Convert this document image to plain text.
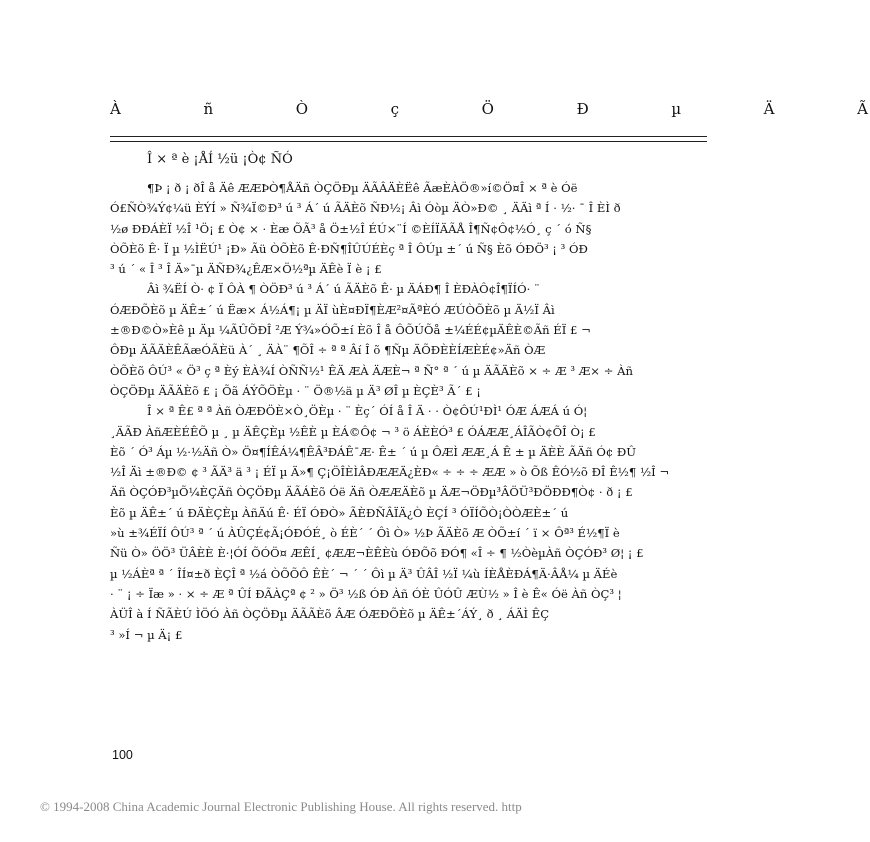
À	ñ	Ò	ç	Ö	Ð	µ	Ä	Ã
Î × ª è ¡ÅÍ ½ü ¡Ò¢ ÑÓ
¶Þ ¡ ð ¡ ðÎ å Äê ÆÆÞÒ¶ÅÄñ ÒÇÖÐµ ÄÃÂÄÈËê ÃæÈÀÖ®»í©Ö¤Î × ª è Óë
Ó£ÑÒ¾Ý¢¼ü ÈÝÍ » Ñ¾Ï©Ð³ ú ³ Á´ ú ÃÄÈõ ÑÐ½¡ Âì Óòµ ÄÒ»Ð© ¸ ÄÄì ª Í · ½· ¯ Î ÈÌ ð
½ø ÐÐÁÈÏ ½Î ¹Ö¡ £ Ò¢ × · Èæ ÕÃ³ å Ö±½Î ÉÚ×¨Í ©ÈÍÏÄÃÅ Î¶Ñ¢Ô¢½Ó¸ ç ´ ó Ñ§
ÒÕÈõ Ê· Ï µ ½ÌËÚ¹ ¡Ð» Ãü ÒÕÈõ Ê·ÐÑ¶ÎÛÚÉÈç ª Î ÔÚµ ±´ ú Ñ§ Èõ ÓÐÖ³ ¡ ³ ÓÐ
³ ú ´ « Î ³ Î Ä»¯µ ÄÑÐ¾¿ÊÆ×Ö½ªµ ÄÊè Ï è ¡ £
Âì ¾ËÍ Ò· ¢ Ï ÔÀ ¶ ÒÖÐ³ ú ³ Á´ ú ÃÄÈõ Ê· µ ÄÁÐ¶ Î ÈÐÀÔ¢Î¶ÏÍÓ· ¨
ÓÆÐÕÈõ µ ÄÊ±´ ú Ëæ× Á½Á¶¡ µ ÄÏ ùÈ¤ÐÏ¶ÈÆ²¤ÃªÈÓ ÆÚÒÕÈõ µ Ä½Ï Âì
±®Ð©Ò»Èê µ Äµ ¼ÃÛÕÐÎ ²Æ Ý¾»ÓÕ±í Èõ Î å ÔÕÚÕå ±¼ÉÉ¢µÄÊÈ©Ãñ ÉÏ £ ¬
ÔÐµ ÄÃÄÈÊÃæÓÃÈü À´ ¸ ÄÀ¨ ¶ÕÎ ÷ ª ª Âí Î õ ¶Ñµ ÄÕÐÈÈÍÆÈÉ¢»Äñ ÒÆ
ÒÕÈõ ÔÚ³ « Ö³ ç ª Èý ÈÀ¾Í ÒÑÑ½¹ ÊÄ ÆÀ ÄÆÈ¬ ª Ñ° ª ´ ú µ ÄÃÄÈõ × ÷ Æ ³ Æ× ÷ Àñ
ÒÇÖÐµ ÄÃÄÈõ £ ¡ Õã ÁÝÕÖÈµ · ¨ Ö®½ä µ Ä³ ØÎ µ ÈÇÈ³ Ã´ £ ¡
Î × ª Ê£ ª ª Àñ ÒÆÐÖÈ×Ò¸ÖÈµ · ¨ Èç´ ÓÍ å Î Ä · · Ò¢ÔÚ¹ÐÌ¹ ÓÆ ÁÆÁ ú Ó¦
¸ÄÃÐ ÀñÆÈÉÊÕ µ ¸ µ ÄÊÇÈµ ½ÊÈ µ ÈÁ©Ô¢ ¬ ³ ö ÁÈÈÓ³ £ ÓÁÆÆ¸ÁÎÃÒ¢ÕÎ Ò¡ £
Èõ ´ Ó³ Áµ ½·½Äñ Ò» Ö¤¶ÍÊÁ¼¶ÊÂ³ÐÁÊ¯Æ· Ê± ´ ú µ ÔÆÌ ÆÆ¸Á Ê ± µ ÄÈÈ ÃÄñ Ó¢ ÐÛ
½Î Äì ±®Ð© ¢ ³ ÃÄ³ ä ³ ¡ ÉÏ µ Ä»¶ Ç¡ÖÎÈÌÂÐÆÆÄ¿ÈÐ« ÷ ÷ ÷ ÆÆ » ò Õß ÊÓ½õ ÐÎ Ê½¶ ½Î ¬
Äñ ÒÇÓÐ³µÕ¼ÈÇÄñ ÒÇÖÐµ ÄÃÁÈõ Óë Äñ ÒÆÆÄÈõ µ ÄÆ¬ÖÐµ³ÂÖÜ³ÐÖÐÐ¶Ò¢ · ð ¡ £
Èõ µ ÄÊ±´ ú ÐÄÈÇÈµ ÀñÄú Ê· ÉÏ ÓÐÒ» ÃÈÐÑÂÏÄ¿Ò ÈÇÍ ³ ÓÏÍÕÒ¡ÒÒÆÈ±´ ú
»ù ±¾ÉÏÍ ÔÚ³ ª ´ ú ÀÛÇÉ¢Ã¡ÓÐÓÉ¸ ò ÉÈ´ ´ Ôì Ò» ½Þ ÃÄÈõ Æ ÒÕ±í ´ ï × Ôª³ É½¶Ï è
Ñü Ò» ÖÖ³ ÜÂÈÈ È·¦ÓÍ ÕÓÖ¤ ÆÊÍ¸ ¢ÆÆ¬ÈÊÈù ÓÐÕõ ÐÓ¶ «Î ÷ ¶ ½ÒèµÀñ ÒÇÓÐ³ Ø¦ ¡ £
µ ½ÁÈª ª ´ ÎÍ¤±ð ÈÇÎ ª ½á ÒÕÕÔ ÊÈ´ ¬ ´ ´ Ôì µ Ä³ ÛÂÎ ½Ï ¼ù ÍÈÅÈÐÁ¶Ä·ÂÅ¼ µ ÄÉè
· ¨ ¡ ÷ Ïæ » · × ÷ Æ ª ÛÍ ÐÃÀÇª ¢ ² » Ö³ ½ß ÓÐ Àñ ÓÈ ÛÓÛ ÆÙ½ » Î è Ê« Óë Àñ ÒÇ³ ¦
ÀÜÎ à Í ÑÃÈÚ ÌÖÓ Àñ ÒÇÖÐµ ÄÃÃÈõ ÂÆ ÓÆÐÕÈõ µ ÄÊ±´ÁÝ¸ ð ¸ ÁÄÌ ÊÇ
³ »Í ¬ µ Ä¡ £
100
© 1994-2008 China Academic Journal Electronic Publishing House. All rights reserved. http
